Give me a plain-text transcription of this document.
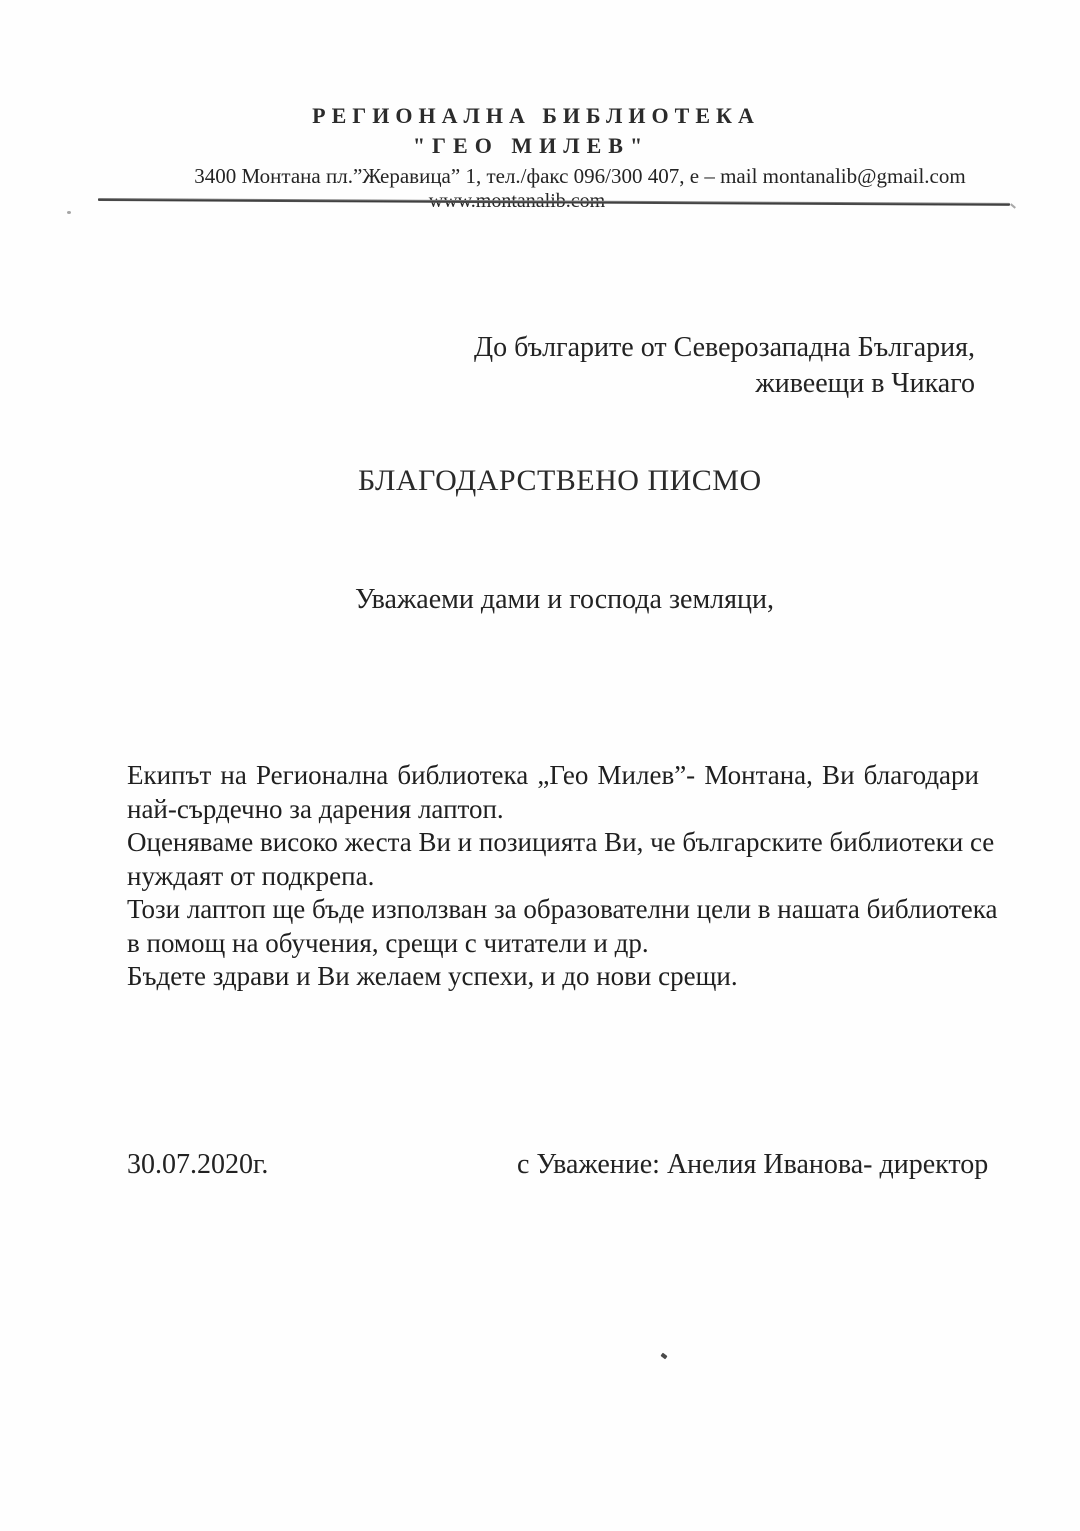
РЕГИОНАЛНА БИБЛИОТЕКА
"ГЕО МИЛЕВ"
3400 Монтана пл.”Жеравица” 1, тел./факс 096/300 407, е – mail montanalib@gmail.com
До българите от Северозападна България,
живеещи в Чикаго
БЛАГОДАРСТВЕНО ПИСМО
Уважаеми дами и господа земляци,
Екипът на Регионална библиотека „Гео Милев”- Монтана, Ви благодари
най-сърдечно за дарения лаптоп.
Оценяваме високо жеста Ви и позицията Ви, че българските библиотеки се
нуждаят от подкрепа.
Този лаптоп ще бъде използван за образователни цели в нашата библиотека
в помощ на обучения, срещи с читатели и др.
Бъдете здрави и Ви желаем успехи, и до нови срещи.
30.07.2020г.	с Уважение: Анелия Иванова- директор
